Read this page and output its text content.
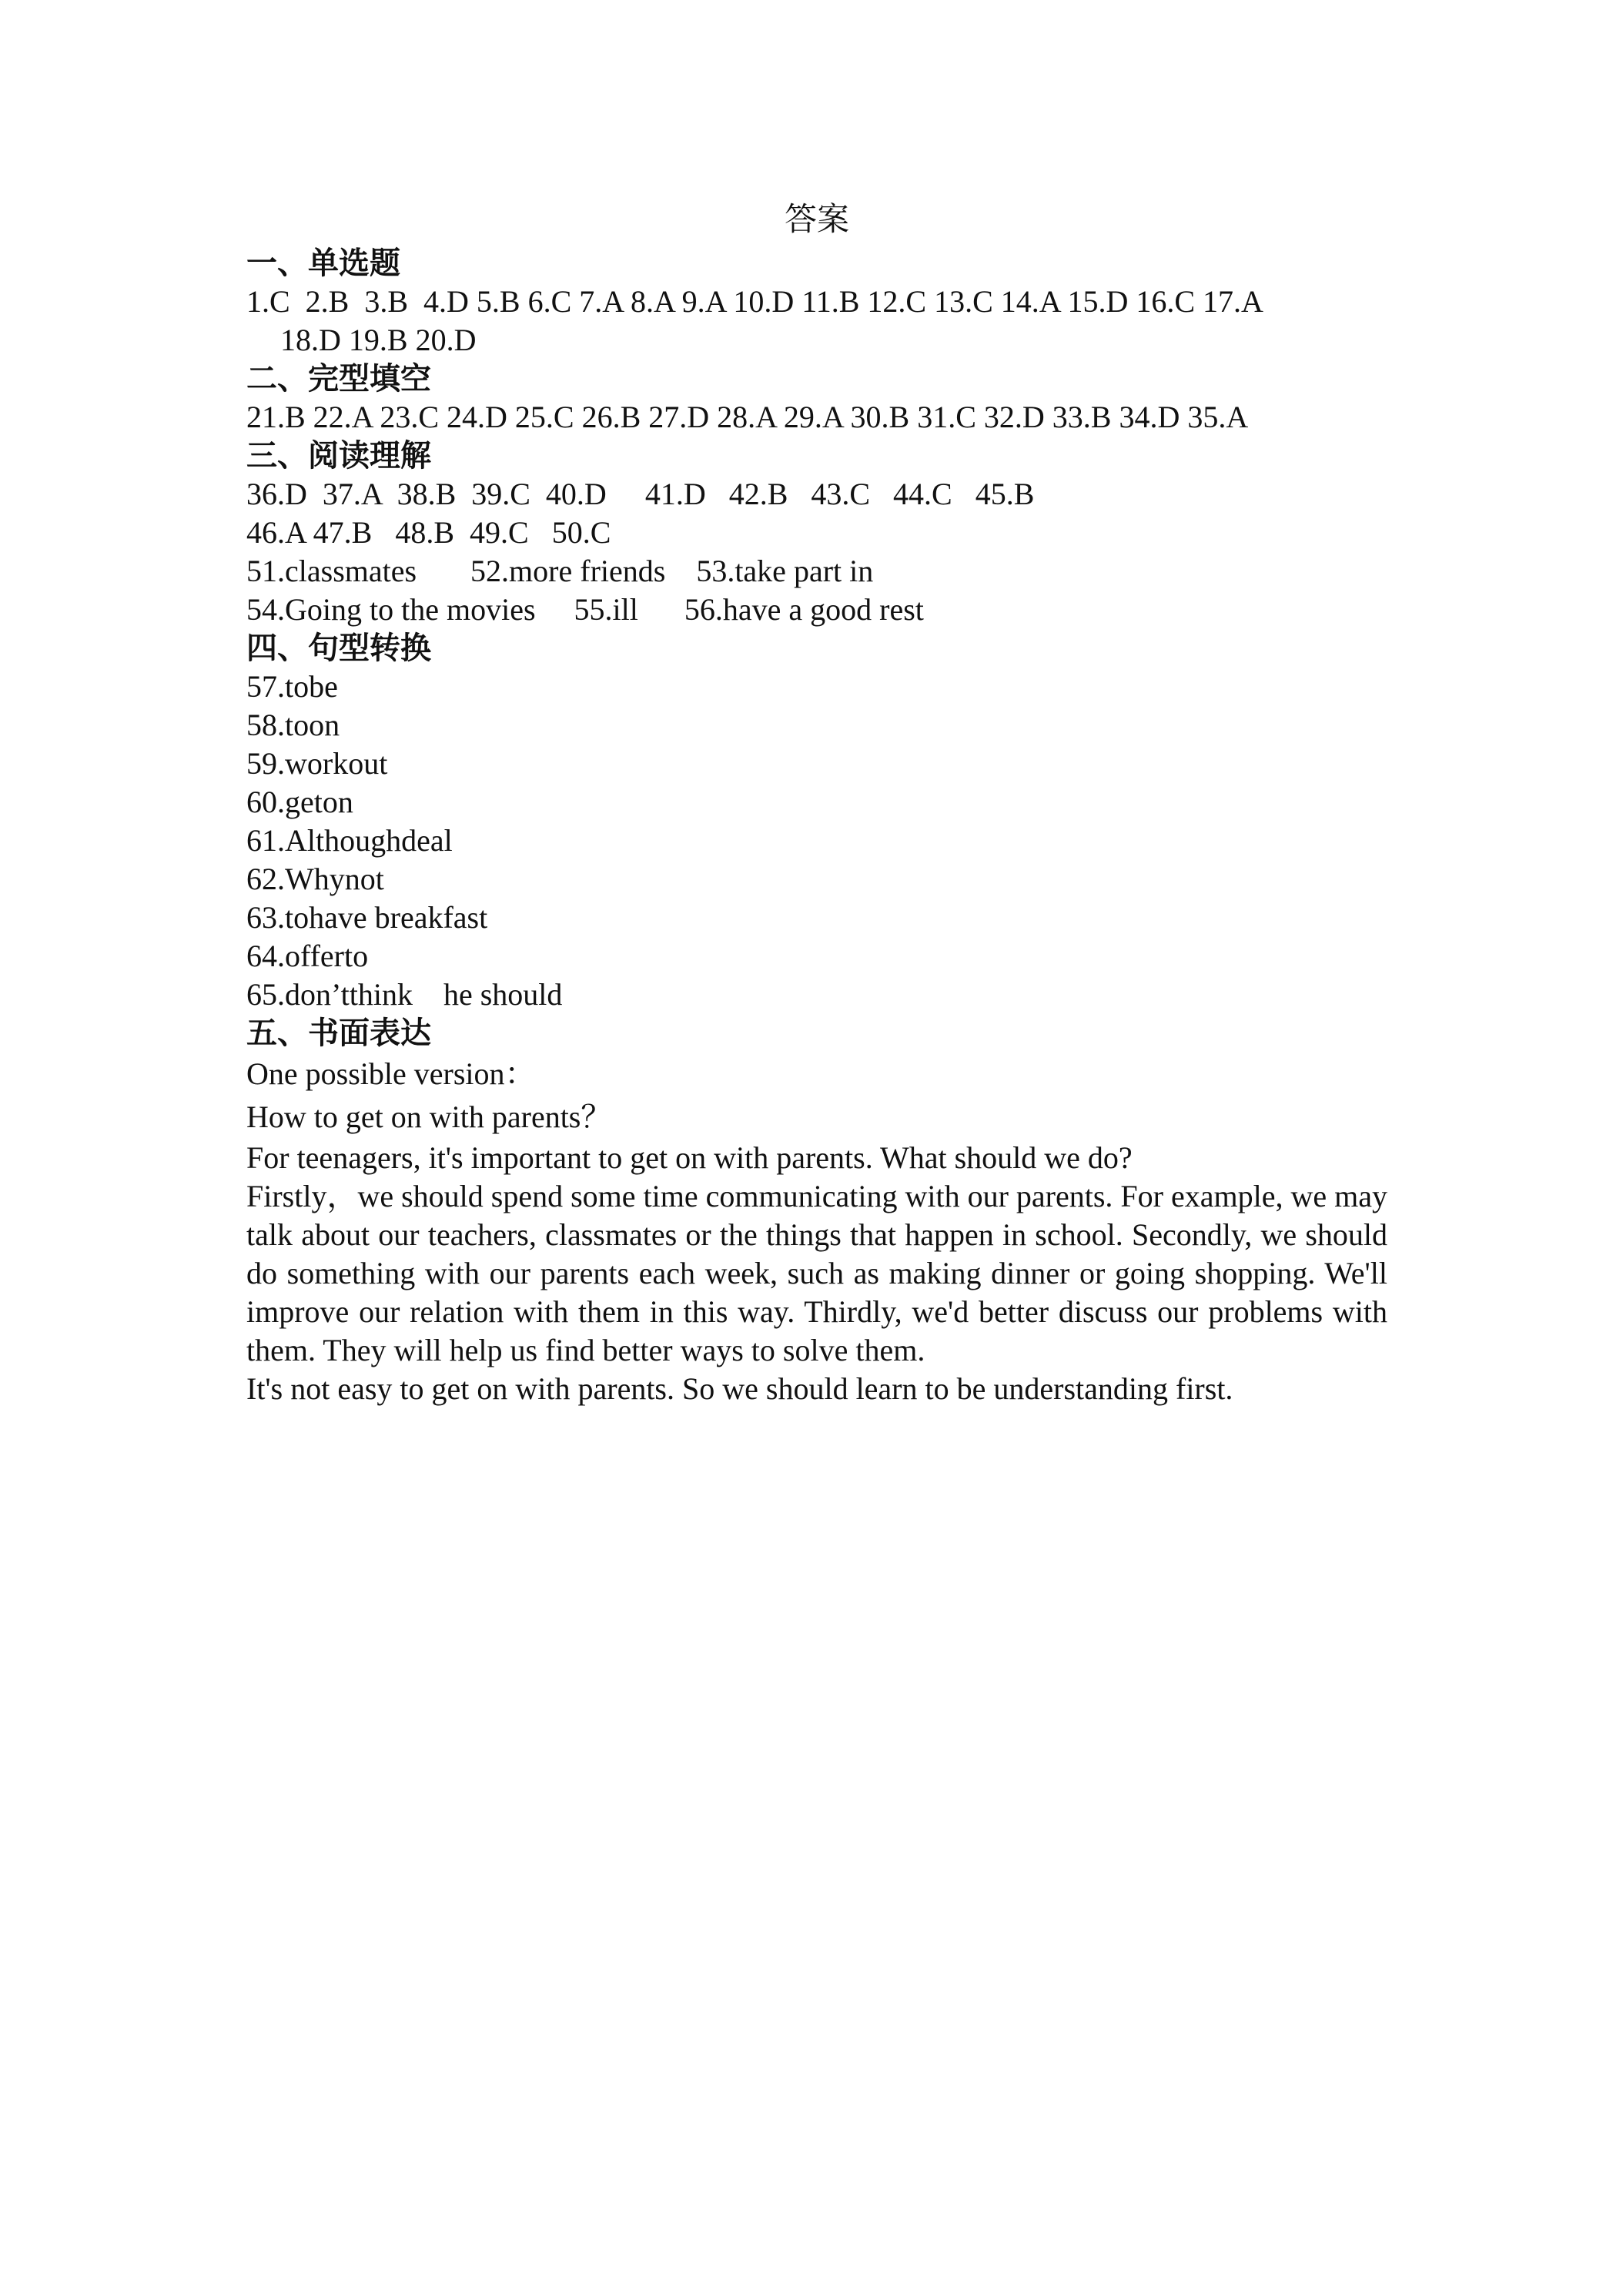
答案
一、单选题
1.C  2.B  3.B  4.D 5.B 6.C 7.A 8.A 9.A 10.D 11.B 12.C 13.C 14.A 15.D 16.C 17.A
18.D 19.B 20.D
二、完型填空
21.B 22.A 23.C 24.D 25.C 26.B 27.D 28.A 29.A 30.B 31.C 32.D 33.B 34.D 35.A
三、阅读理解
36.D  37.A  38.B  39.C  40.D     41.D   42.B   43.C   44.C   45.B
46.A 47.B   48.B  49.C   50.C
51.classmates       52.more friends    53.take part in
54.Going to the movies     55.ill      56.have a good rest
四、句型转换
57.tobe
58.toon
59.workout
60.geton
61.Althoughdeal
62.Whynot
63.tohave breakfast
64.offerto
65.don’tthink    he should
五、书面表达
One possible version：
How to get on with parents？
For teenagers, it's important to get on with parents. What should we do?
Firstly，we should spend some time communicating with our parents. For example, we may talk about our teachers, classmates or the things that happen in school. Secondly, we should do something with our parents each week, such as making dinner or going shopping. We'll improve our relation with them in this way. Thirdly, we'd better discuss our problems with them. They will help us find better ways to solve them.
It's not easy to get on with parents. So we should learn to be understanding first.
